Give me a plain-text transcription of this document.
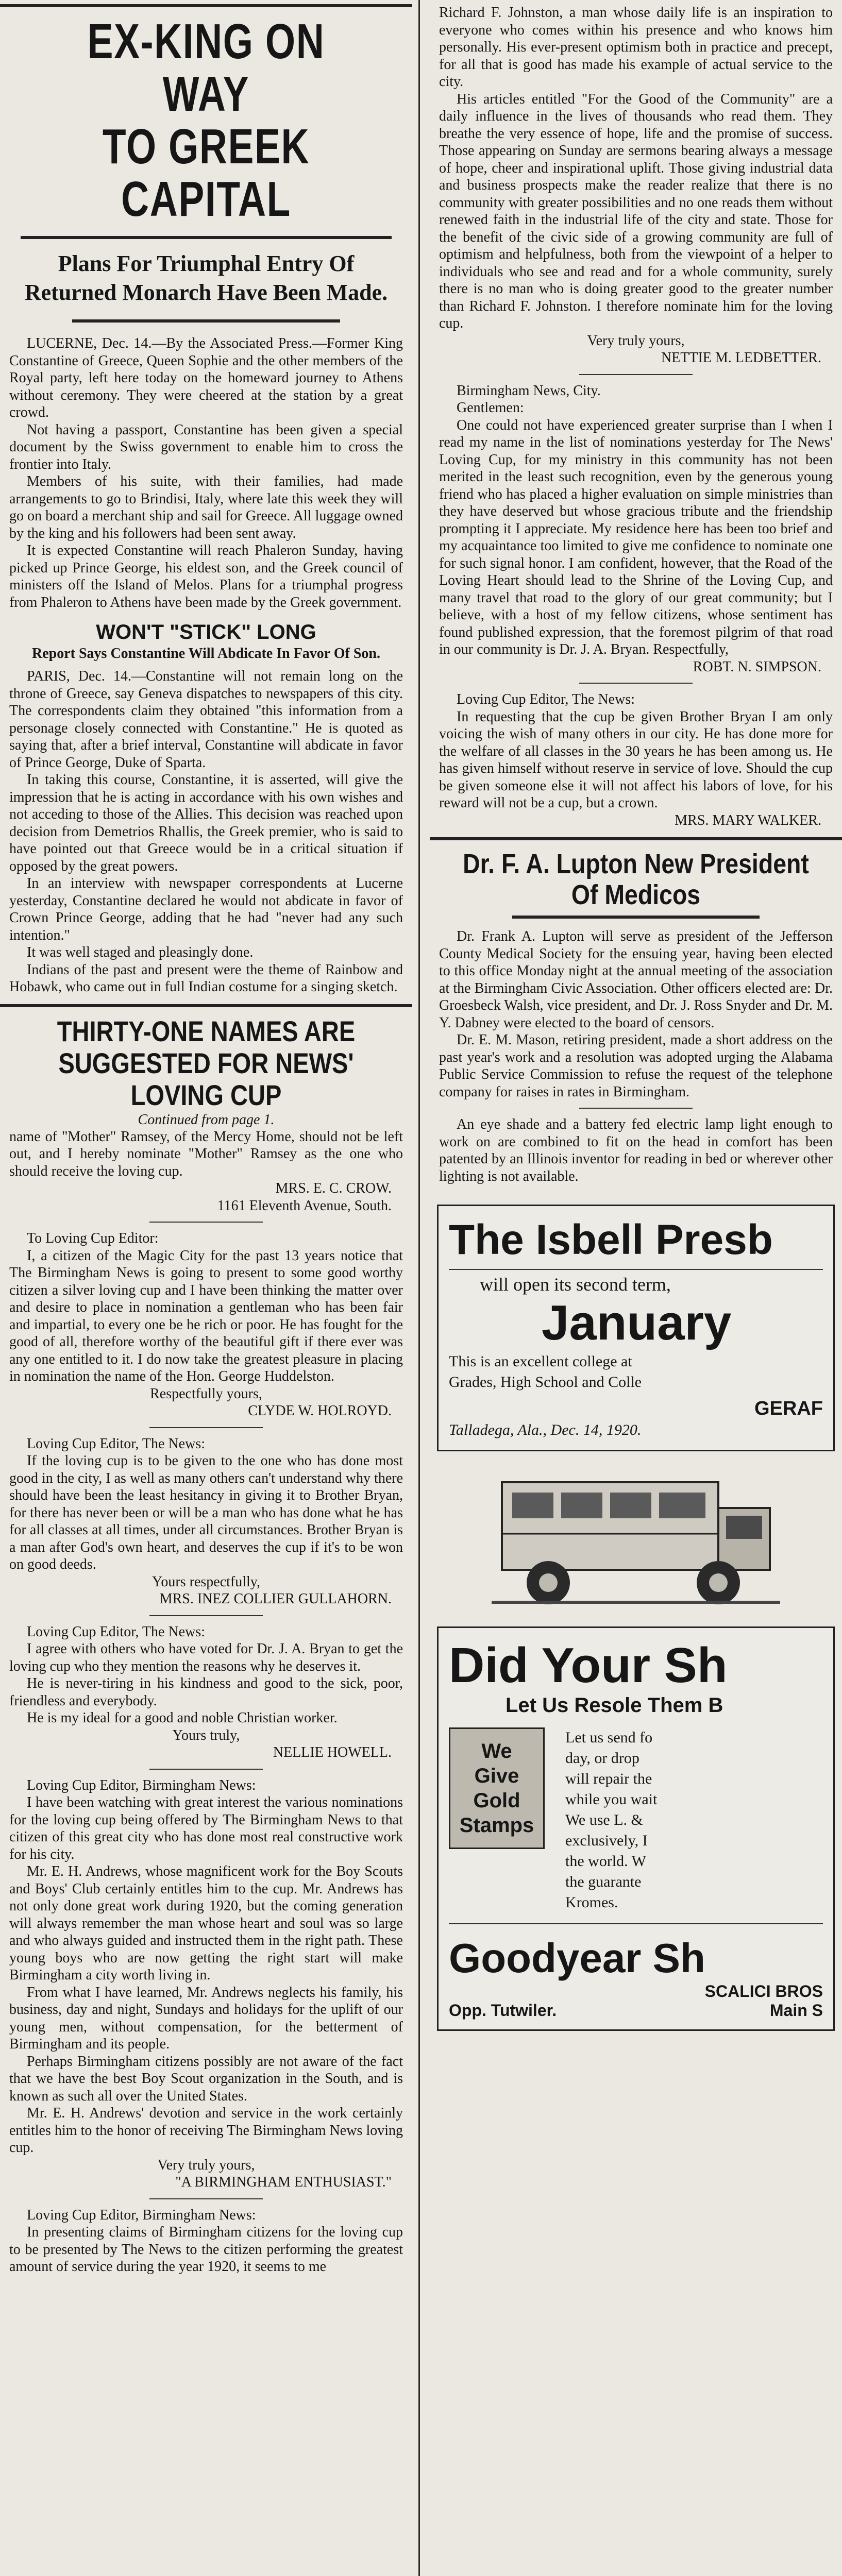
EX-KING ON WAY
TO GREEK CAPITAL
Plans For Triumphal Entry Of Returned Monarch Have Been Made.

LUCERNE, Dec. 14.—By the Associated Press.—Former King Constantine of Greece, Queen Sophie and the other members of the Royal party, left here today on the homeward journey to Athens without ceremony. They were cheered at the station by a great crowd.

Not having a passport, Constantine has been given a special document by the Swiss government to enable him to cross the frontier into Italy.

Members of his suite, with their families, had made arrangements to go to Brindisi, Italy, where late this week they will go on board a merchant ship and sail for Greece. All luggage owned by the king and his followers had been sent away.

It is expected Constantine will reach Phaleron Sunday, having picked up Prince George, his eldest son, and the Greek council of ministers off the Island of Melos. Plans for a triumphal progress from Phaleron to Athens have been made by the Greek government.

WON'T "STICK" LONG
Report Says Constantine Will Abdicate In Favor Of Son.

PARIS, Dec. 14.—Constantine will not remain long on the throne of Greece, say Geneva dispatches to newspapers of this city. The correspondents claim they obtained "this information from a personage closely connected with Constantine." He is quoted as saying that, after a brief interval, Constantine will abdicate in favor of Prince George, Duke of Sparta.

In taking this course, Constantine, it is asserted, will give the impression that he is acting in accordance with his own wishes and not acceding to those of the Allies. This decision was reached upon decision from Demetrios Rhallis, the Greek premier, who is said to have pointed out that Greece would be in a critical situation if opposed by the great powers.

In an interview with newspaper correspondents at Lucerne yesterday, Constantine declared he would not abdicate in favor of Crown Prince George, adding that he had "never had any such intention."

It was well staged and pleasingly done.

Indians of the past and present were the theme of Rainbow and Hobawk, who came out in full Indian costume for a singing sketch.

THIRTY-ONE NAMES ARE SUGGESTED FOR NEWS' LOVING CUP
Continued from page 1.

name of "Mother" Ramsey, of the Mercy Home, should not be left out, and I hereby nominate "Mother" Ramsey as the one who should receive the loving cup.

MRS. E. C. CROW.
1161 Eleventh Avenue, South.

To Loving Cup Editor:

I, a citizen of the Magic City for the past 13 years notice that The Birmingham News is going to present to some good worthy citizen a silver loving cup and I have been thinking the matter over and desire to place in nomination a gentleman who has been fair and impartial, to every one be he rich or poor. He has fought for the good of all, therefore worthy of the beautiful gift if there ever was any one entitled to it. I do now take the greatest pleasure in placing in nomination the name of the Hon. George Huddelston.

Respectfully yours,
CLYDE W. HOLROYD.

Loving Cup Editor, The News:

If the loving cup is to be given to the one who has done most good in the city, I as well as many others can't understand why there should have been the least hesitancy in giving it to Brother Bryan, for there has never been or will be a man who has done what he has for all classes at all times, under all circumstances. Brother Bryan is a man after God's own heart, and deserves the cup if it's to be won on good deeds.

Yours respectfully,
MRS. INEZ COLLIER GULLAHORN.

Loving Cup Editor, The News:

I agree with others who have voted for Dr. J. A. Bryan to get the loving cup who they mention the reasons why he deserves it.

He is never-tiring in his kindness and good to the sick, poor, friendless and everybody.

He is my ideal for a good and noble Christian worker.

Yours truly,
NELLIE HOWELL.

Loving Cup Editor, Birmingham News:

I have been watching with great interest the various nominations for the loving cup being offered by The Birmingham News to that citizen of this great city who has done most real constructive work for his city.

Mr. E. H. Andrews, whose magnificent work for the Boy Scouts and Boys' Club certainly entitles him to the cup. Mr. Andrews has not only done great work during 1920, but the coming generation will always remember the man whose heart and soul was so large and who always guided and instructed them in the right path. These young boys who are now getting the right start will make Birmingham a city worth living in.

From what I have learned, Mr. Andrews neglects his family, his business, day and night, Sundays and holidays for the uplift of our young men, without compensation, for the betterment of Birmingham and its people.

Perhaps Birmingham citizens possibly are not aware of the fact that we have the best Boy Scout organization in the South, and is known as such all over the United States.

Mr. E. H. Andrews' devotion and service in the work certainly entitles him to the honor of receiving The Birmingham News loving cup.

Very truly yours,
"A BIRMINGHAM ENTHUSIAST."

Loving Cup Editor, Birmingham News:

In presenting claims of Birmingham citizens for the loving cup to be presented by The News to the citizen performing the greatest amount of service during the year 1920, it seems to me

Richard F. Johnston, a man whose daily life is an inspiration to everyone who comes within his presence and who knows him personally. His ever-present optimism both in practice and precept, for all that is good has made his example of actual service to the city.

His articles entitled "For the Good of the Community" are a daily influence in the lives of thousands who read them. They breathe the very essence of hope, life and the promise of success. Those appearing on Sunday are sermons bearing always a message of hope, cheer and inspirational uplift. Those giving industrial data and business prospects make the reader realize that there is no community with greater possibilities and no one reads them without renewed faith in the industrial life of the city and state. Those for the benefit of the civic side of a growing community are full of optimism and helpfulness, both from the viewpoint of a helper to individuals who see and read and for a whole community, surely there is no man who is doing greater good to the greater number than Richard F. Johnston. I therefore nominate him for the loving cup.

Very truly yours,
NETTIE M. LEDBETTER.

Birmingham News, City.

Gentlemen:

One could not have experienced greater surprise than I when I read my name in the list of nominations yesterday for The News' Loving Cup, for my ministry in this community has not been merited in the least such recognition, even by the generous young friend who has placed a higher evaluation on simple ministries than they have deserved but whose gracious tribute and the friendship prompting it I appreciate. My residence here has been too brief and my acquaintance too limited to give me confidence to nominate one for such signal honor. I am confident, however, that the Road of the Loving Heart should lead to the Shrine of the Loving Cup, and many travel that road to the glory of our great community; but I believe, with a host of my fellow citizens, whose sentiment has found published expression, that the foremost pilgrim of that road in our community is Dr. J. A. Bryan. Respectfully,

ROBT. N. SIMPSON.

Loving Cup Editor, The News:

In requesting that the cup be given Brother Bryan I am only voicing the wish of many others in our city. He has done more for the welfare of all classes in the 30 years he has been among us. He has given himself without reserve in service of love. Should the cup be given someone else it will not affect his labors of love, for his reward will not be a cup, but a crown.

MRS. MARY WALKER.
Dr. F. A. Lupton New President Of Medicos

Dr. Frank A. Lupton will serve as president of the Jefferson County Medical Society for the ensuing year, having been elected to this office Monday night at the annual meeting of the association at the Birmingham Civic Association. Other officers elected are: Dr. Groesbeck Walsh, vice president, and Dr. J. Ross Snyder and Dr. M. Y. Dabney were elected to the board of censors.

Dr. E. M. Mason, retiring president, made a short address on the past year's work and a resolution was adopted urging the Alabama Public Service Commission to refuse the request of the telephone company for raises in rates in Birmingham.

An eye shade and a battery fed electric lamp light enough to work on are combined to fit on the head in comfort has been patented by an Illinois inventor for reading in bed or wherever other lighting is not available.

The Isbell Presb
will open its second term,
January
This is an excellent college at
Grades, High School and Colle
GERAF
Talladega, Ala., Dec. 14, 1920.
Did Your Sh
Let Us Resole Them B
We
Give
Gold
Stamps
Let us send fo
day, or drop
will repair the
while you wait
We use L. &
exclusively, I
the world. W
the guarante
Kromes.
Goodyear Sh
SCALICI BROS
Opp. Tutwiler.	Main S
